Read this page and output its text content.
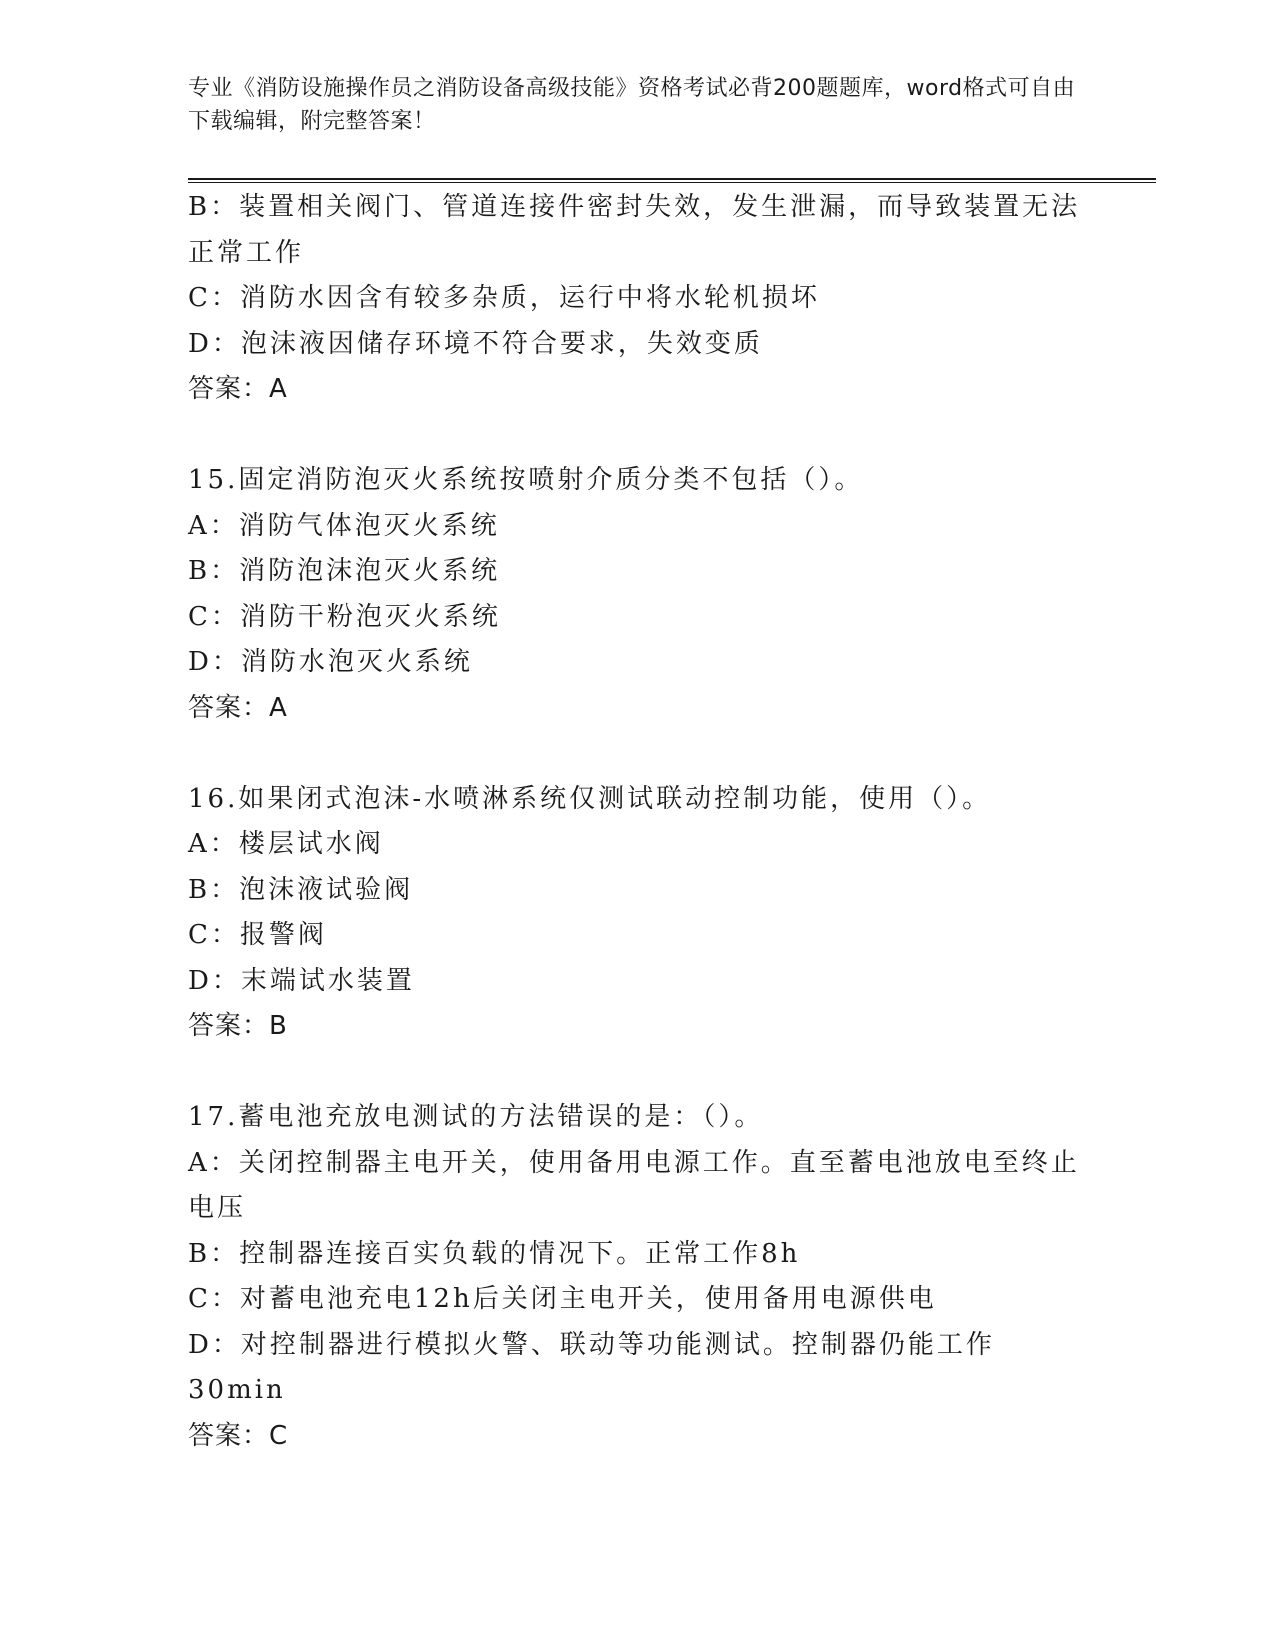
专业《消防设施操作员之消防设备高级技能》资格考试必背200题题库，word格式可自由下载编辑，附完整答案！

B：装置相关阀门、管道连接件密封失效，发生泄漏，而导致装置无法正常工作

C：消防水因含有较多杂质，运行中将水轮机损坏

D：泡沫液因储存环境不符合要求，失效变质

答案：A

15.固定消防泡灭火系统按喷射介质分类不包括（）。

A：消防气体泡灭火系统

B：消防泡沫泡灭火系统

C：消防干粉泡灭火系统

D：消防水泡灭火系统

答案：A

16.如果闭式泡沫-水喷淋系统仅测试联动控制功能，使用（）。

A：楼层试水阀

B：泡沫液试验阀

C：报警阀

D：末端试水装置

答案：B

17.蓄电池充放电测试的方法错误的是：（）。

A：关闭控制器主电开关，使用备用电源工作。直至蓄电池放电至终止电压

B：控制器连接百实负载的情况下。正常工作8h

C：对蓄电池充电12h后关闭主电开关，使用备用电源供电

D：对控制器进行模拟火警、联动等功能测试。控制器仍能工作30min

答案：C
